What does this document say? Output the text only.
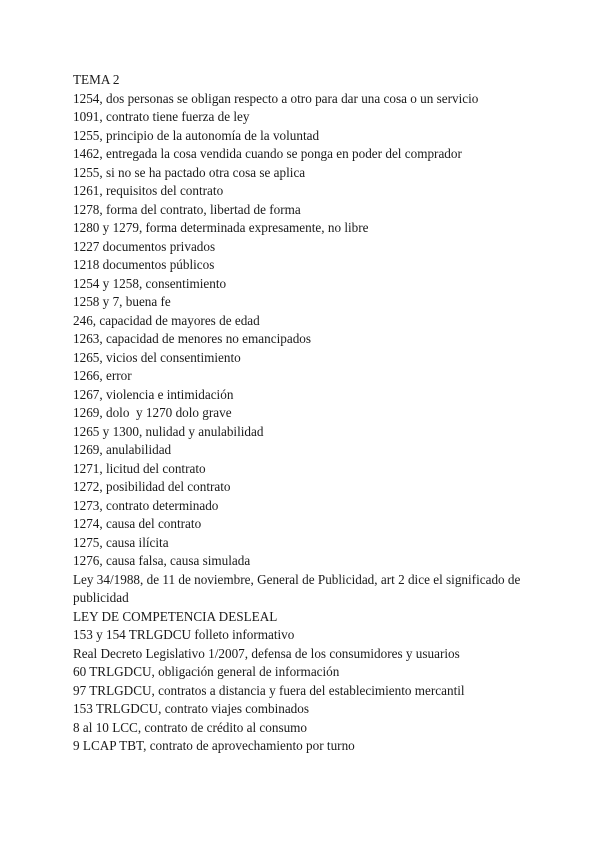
TEMA 2
1254, dos personas se obligan respecto a otro para dar una cosa o un servicio
1091, contrato tiene fuerza de ley
1255, principio de la autonomía de la voluntad
1462, entregada la cosa vendida cuando se ponga en poder del comprador
1255, si no se ha pactado otra cosa se aplica
1261, requisitos del contrato
1278, forma del contrato, libertad de forma
1280 y 1279, forma determinada expresamente, no libre
1227 documentos privados
1218 documentos públicos
1254 y 1258, consentimiento
1258 y 7, buena fe
246, capacidad de mayores de edad
1263, capacidad de menores no emancipados
1265, vicios del consentimiento
1266, error
1267, violencia e intimidación
1269, dolo  y 1270 dolo grave
1265 y 1300, nulidad y anulabilidad
1269, anulabilidad
1271, licitud del contrato
1272, posibilidad del contrato
1273, contrato determinado
1274, causa del contrato
1275, causa ilícita
1276, causa falsa, causa simulada
Ley 34/1988, de 11 de noviembre, General de Publicidad, art 2 dice el significado de publicidad
LEY DE COMPETENCIA DESLEAL
153 y 154 TRLGDCU folleto informativo
Real Decreto Legislativo 1/2007, defensa de los consumidores y usuarios
60 TRLGDCU, obligación general de información
97 TRLGDCU, contratos a distancia y fuera del establecimiento mercantil
153 TRLGDCU, contrato viajes combinados
8 al 10 LCC, contrato de crédito al consumo
9 LCAP TBT, contrato de aprovechamiento por turno
